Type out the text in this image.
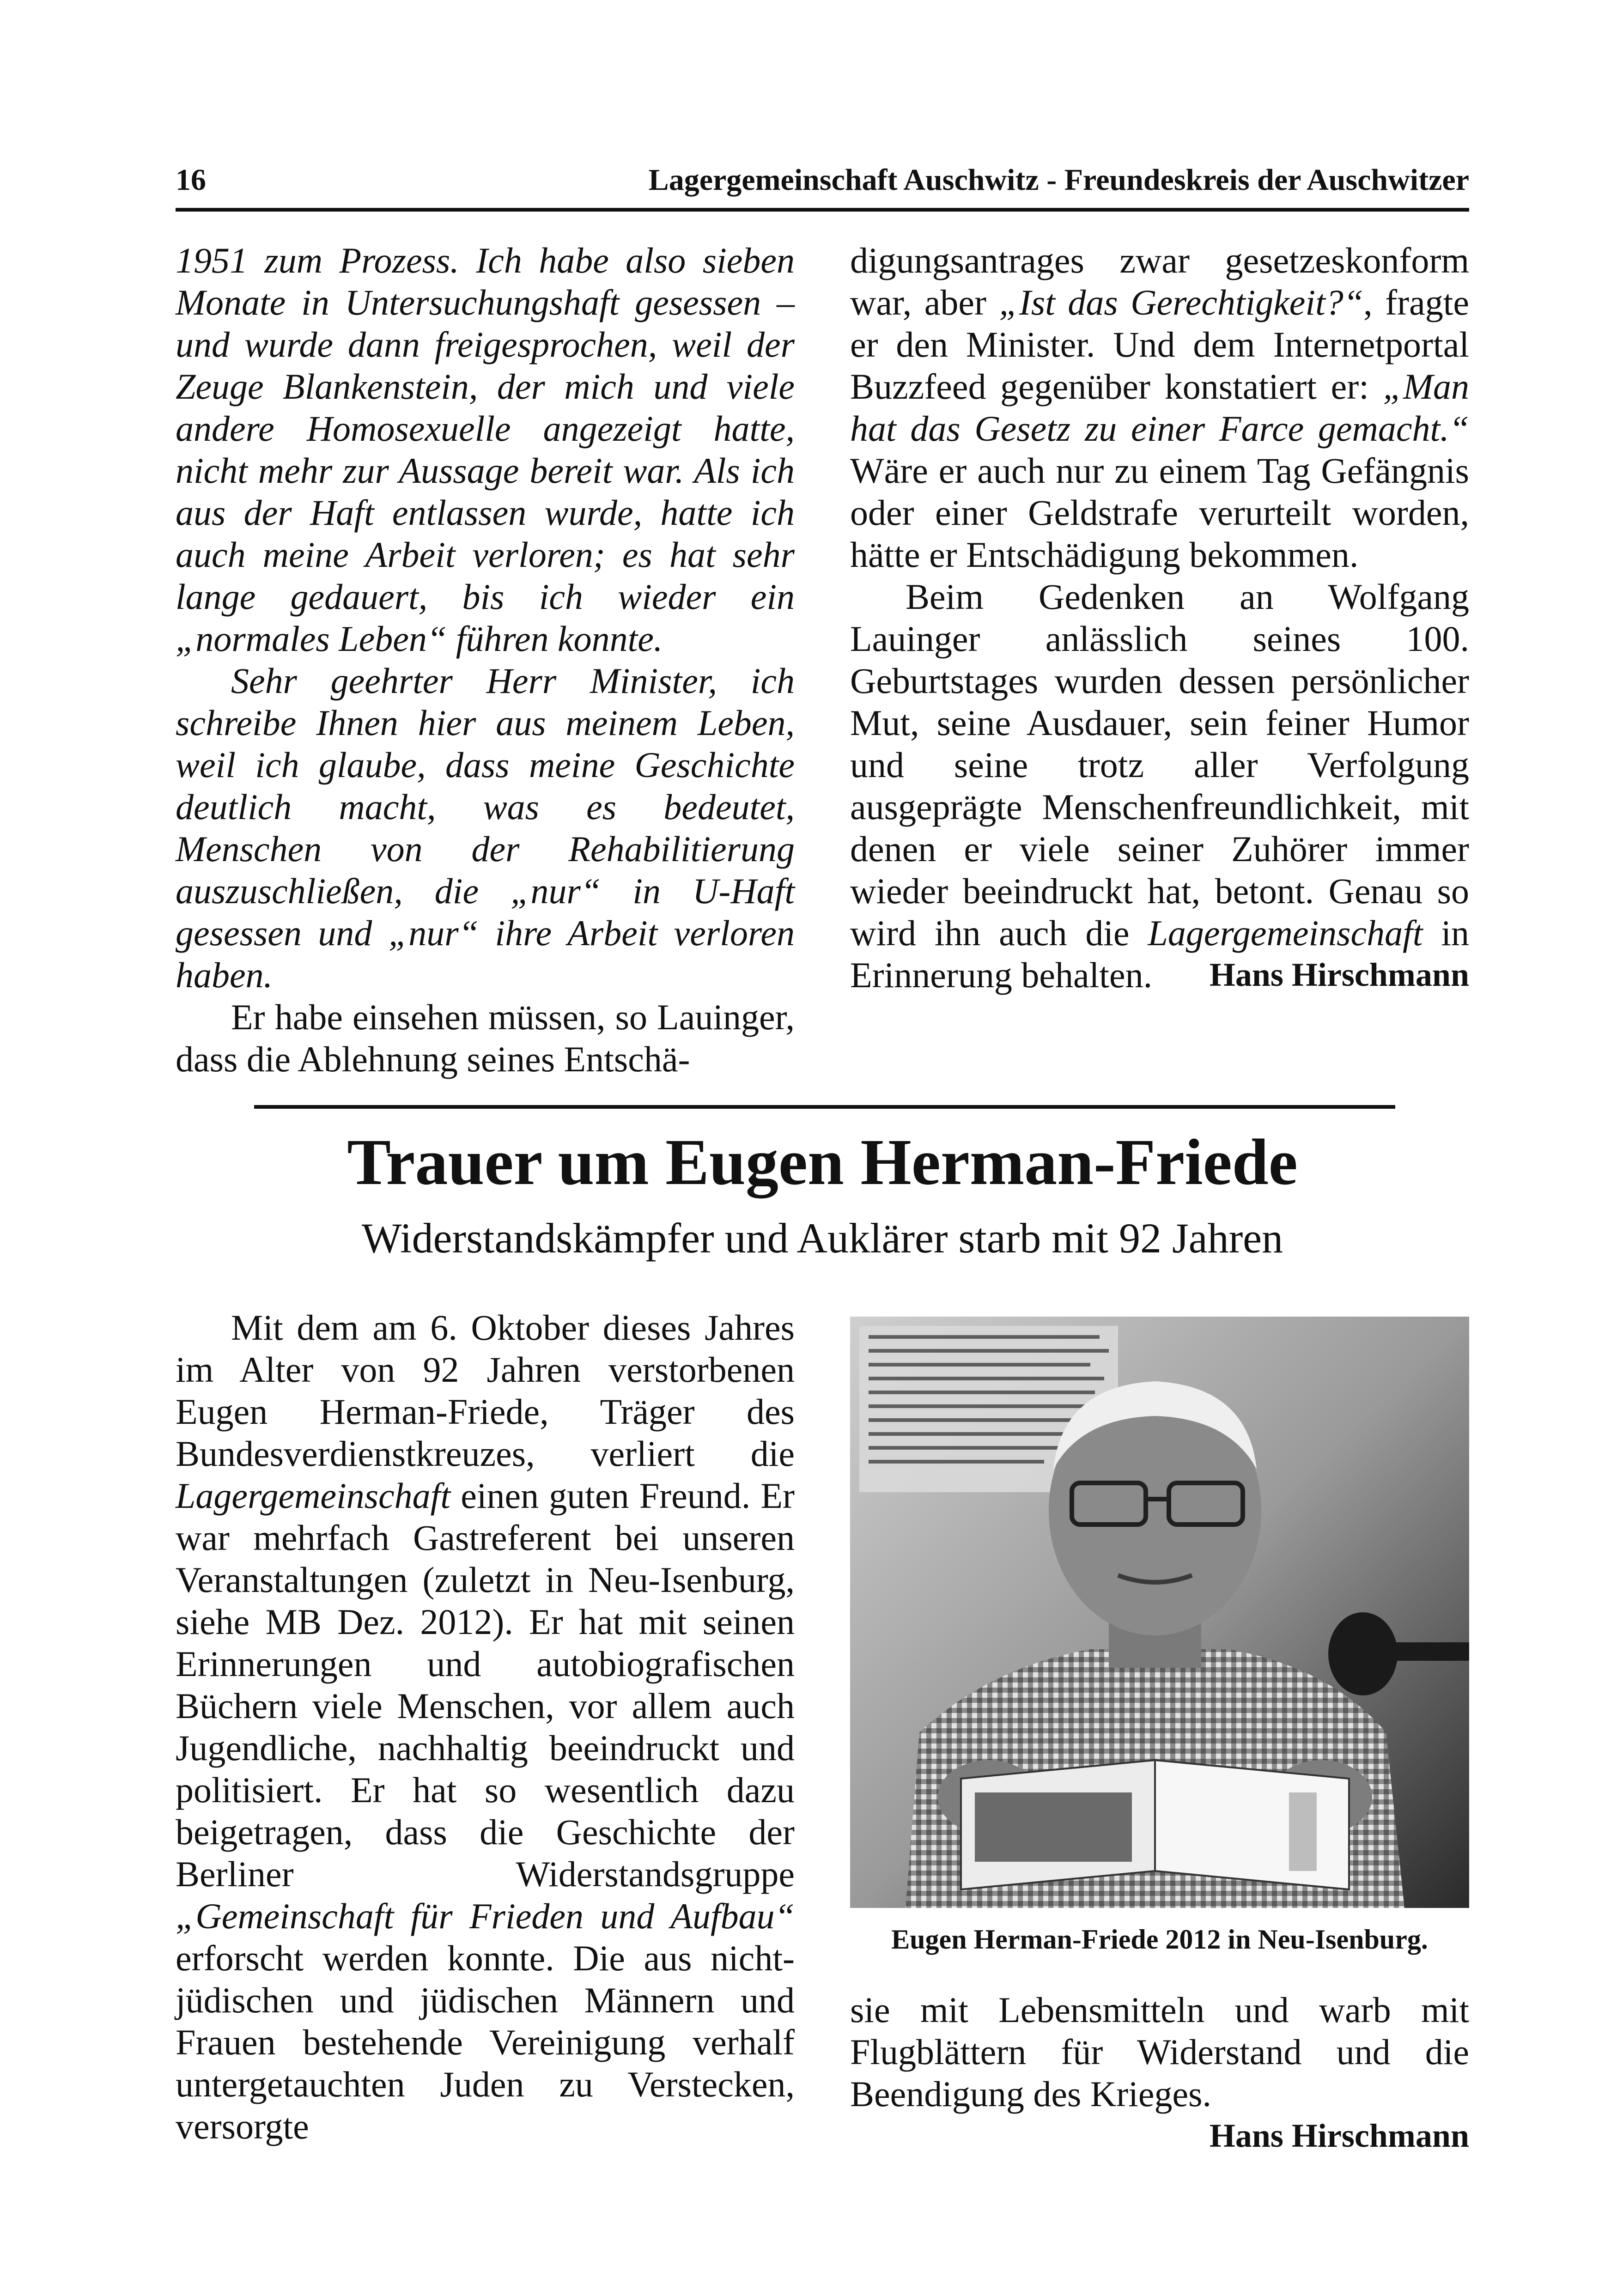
16	Lagergemeinschaft Auschwitz - Freundeskreis der Auschwitzer

1951 zum Prozess. Ich habe also sieben Monate in Untersuchungshaft gesessen – und wurde dann freigesprochen, weil der Zeuge Blankenstein, der mich und viele andere Homosexuelle angezeigt hatte, nicht mehr zur Aussage bereit war. Als ich aus der Haft entlassen wurde, hatte ich auch meine Arbeit verloren; es hat sehr lange gedauert, bis ich wieder ein „normales Leben“ führen konnte.

Sehr geehrter Herr Minister, ich schreibe Ihnen hier aus meinem Leben, weil ich glaube, dass meine Geschichte deutlich macht, was es bedeutet, Menschen von der Rehabilitierung auszuschließen, die „nur“ in U-Haft gesessen und „nur“ ihre Arbeit verloren haben.

Er habe einsehen müssen, so Lauinger, dass die Ablehnung seines Entschä-

digungsantrages zwar gesetzeskonform war, aber „Ist das Gerechtigkeit?“, fragte er den Minister. Und dem Internetportal Buzzfeed gegenüber konstatiert er: „Man hat das Gesetz zu einer Farce gemacht.“ Wäre er auch nur zu einem Tag Gefängnis oder einer Geldstrafe verurteilt worden, hätte er Entschädigung bekommen.

Beim Gedenken an Wolfgang Lauinger anlässlich seines 100. Geburtstages wurden dessen persönlicher Mut, seine Ausdauer, sein feiner Humor und seine trotz aller Verfolgung ausgeprägte Menschenfreundlichkeit, mit denen er viele seiner Zuhörer immer wieder beeindruckt hat, betont. Genau so wird ihn auch die Lagergemeinschaft in Erinnerung behalten.	Hans Hirschmann

Trauer um Eugen Herman-Friede
Widerstandskämpfer und Auklärer starb mit 92 Jahren

Mit dem am 6. Oktober dieses Jahres im Alter von 92 Jahren verstorbenen Eugen Herman-Friede, Träger des Bundesverdienstkreuzes, verliert die Lagergemeinschaft einen guten Freund. Er war mehrfach Gastreferent bei unseren Veranstaltungen (zuletzt in Neu-Isenburg, siehe MB Dez. 2012). Er hat mit seinen Erinnerungen und autobiografischen Büchern viele Menschen, vor allem auch Jugendliche, nachhaltig beeindruckt und politisiert. Er hat so wesentlich dazu beigetragen, dass die Geschichte der Berliner Widerstandsgruppe „Gemeinschaft für Frieden und Aufbau“ erforscht werden konnte. Die aus nicht-jüdischen und jüdischen Männern und Frauen bestehende Vereinigung verhalf untergetauchten Juden zu Verstecken, versorgte

Eugen Herman-Friede 2012 in Neu-Isenburg.

sie mit Lebensmitteln und warb mit Flugblättern für Widerstand und die Beendigung des Krieges.
Hans Hirschmann
